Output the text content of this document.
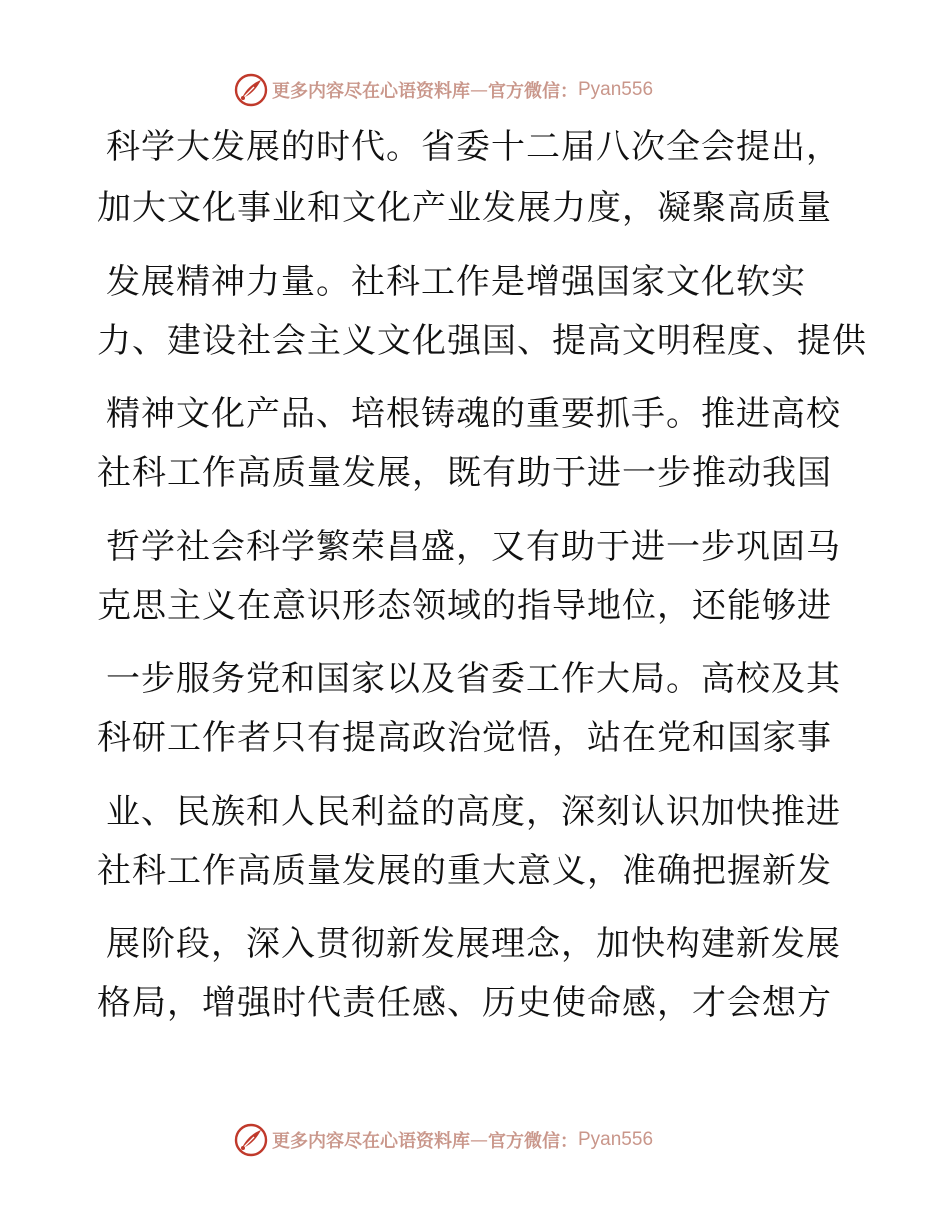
更多内容尽在心语资料库 — 官方微信： Pyan556
科学大发展的时代。省委十二届八次全会提出，
加大文化事业和文化产业发展力度，凝聚高质量
发展精神力量。社科工作是增强国家文化软实
力、建设社会主义文化强国、提高文明程度、提供
精神文化产品、培根铸魂的重要抓手。推进高校
社科工作高质量发展，既有助于进一步推动我国
哲学社会科学繁荣昌盛，又有助于进一步巩固马
克思主义在意识形态领域的指导地位，还能够进
一步服务党和国家以及省委工作大局。高校及其
科研工作者只有提高政治觉悟，站在党和国家事
业、民族和人民利益的高度，深刻认识加快推进
社科工作高质量发展的重大意义，准确把握新发
展阶段，深入贯彻新发展理念，加快构建新发展
格局，增强时代责任感、历史使命感，才会想方
更多内容尽在心语资料库 — 官方微信： Pyan556
